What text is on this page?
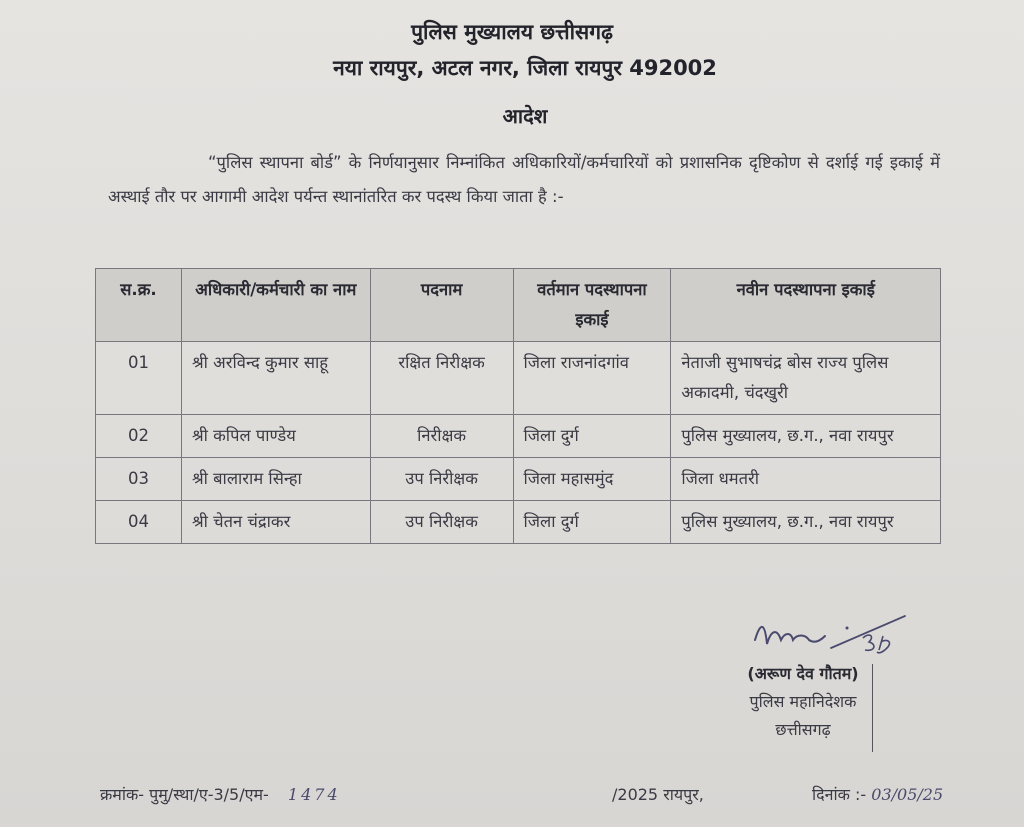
पुलिस मुख्यालय छत्तीसगढ़
नया रायपुर, अटल नगर, जिला रायपुर 492002
आदेश
“पुलिस स्थापना बोर्ड” के निर्णयानुसार निम्नांकित अधिकारियों/कर्मचारियों को प्रशासनिक दृष्टिकोण से दर्शाई गई इकाई में अस्थाई तौर पर आगामी आदेश पर्यन्त स्थानांतरित कर पदस्थ किया जाता है :-
स.क्र.	अधिकारी/कर्मचारी का नाम	पदनाम	वर्तमान पदस्थापना इकाई	नवीन पदस्थापना इकाई
01	श्री अरविन्द कुमार साहू	रक्षित निरीक्षक	जिला राजनांदगांव	नेताजी सुभाषचंद्र बोस राज्य पुलिस अकादमी, चंदखुरी
02	श्री कपिल पाण्डेय	निरीक्षक	जिला दुर्ग	पुलिस मुख्यालय, छ.ग., नवा रायपुर
03	श्री बालाराम सिन्हा	उप निरीक्षक	जिला महासमुंद	जिला धमतरी
04	श्री चेतन चंद्राकर	उप निरीक्षक	जिला दुर्ग	पुलिस मुख्यालय, छ.ग., नवा रायपुर
(अरूण देव गौतम)
पुलिस महानिदेशक
छत्तीसगढ़
क्रमांक- पुमु/स्था/ए-3/5/एम- 1474	/2025 रायपुर,	दिनांक :- 03/05/25
